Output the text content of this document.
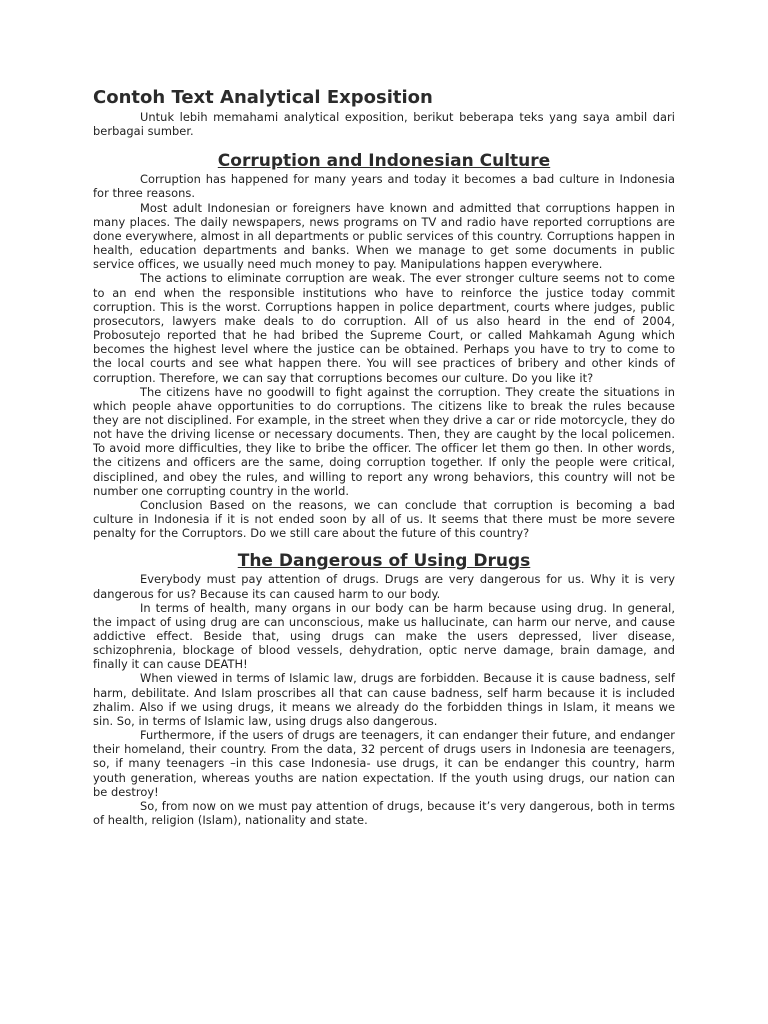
Contoh Text Analytical Exposition

Untuk lebih memahami analytical exposition, berikut beberapa teks yang saya ambil dari berbagai sumber.

Corruption and Indonesian Culture

Corruption has happened for many years and today it becomes a bad culture in Indonesia for three reasons.

Most adult Indonesian or foreigners have known and admitted that corruptions happen in many places. The daily newspapers, news programs on TV and radio have reported corruptions are done everywhere, almost in all departments or public services of this country. Corruptions happen in health, education departments and banks. When we manage to get some documents in public service offices, we usually need much money to pay. Manipulations happen everywhere.

The actions to eliminate corruption are weak. The ever stronger culture seems not to come to an end when the responsible institutions who have to reinforce the justice today commit corruption. This is the worst. Corruptions happen in police department, courts where judges, public prosecutors, lawyers make deals to do corruption. All of us also heard in the end of 2004, Probosutejo reported that he had bribed the Supreme Court, or called Mahkamah Agung which becomes the highest level where the justice can be obtained. Perhaps you have to try to come to the local courts and see what happen there. You will see practices of bribery and other kinds of corruption. Therefore, we can say that corruptions becomes our culture. Do you like it?

The citizens have no goodwill to fight against the corruption. They create the situations in which people ahave opportunities to do corruptions. The citizens like to break the rules because they are not disciplined. For example, in the street when they drive a car or ride motorcycle, they do not have the driving license or necessary documents. Then, they are caught by the local policemen. To avoid more difficulties, they like to bribe the officer. The officer let them go then. In other words, the citizens and officers are the same, doing corruption together. If only the people were critical, disciplined, and obey the rules, and willing to report any wrong behaviors, this country will not be number one corrupting country in the world.

Conclusion Based on the reasons, we can conclude that corruption is becoming a bad culture in Indonesia if it is not ended soon by all of us. It seems that there must be more severe penalty for the Corruptors. Do we still care about the future of this country?

The Dangerous of Using Drugs

Everybody must pay attention of drugs. Drugs are very dangerous for us. Why it is very dangerous for us? Because its can caused harm to our body.

In terms of health, many organs in our body can be harm because using drug. In general, the impact of using drug are can unconscious, make us hallucinate, can harm our nerve, and cause addictive effect. Beside that, using drugs can make the users depressed, liver disease, schizophrenia, blockage of blood vessels, dehydration, optic nerve damage, brain damage, and finally it can cause DEATH!

When viewed in terms of Islamic law, drugs are forbidden. Because it is cause badness, self harm, debilitate. And Islam proscribes all that can cause badness, self harm because it is included zhalim. Also if we using drugs, it means we already do the forbidden things in Islam, it means we sin. So, in terms of Islamic law, using drugs also dangerous.

Furthermore, if the users of drugs are teenagers, it can endanger their future, and endanger their homeland, their country. From the data, 32 percent of drugs users in Indonesia are teenagers, so, if many teenagers –in this case Indonesia- use drugs, it can be endanger this country, harm youth generation, whereas youths are nation expectation. If the youth using drugs, our nation can be destroy!

So, from now on we must pay attention of drugs, because it’s very dangerous, both in terms of health, religion (Islam), nationality and state.
